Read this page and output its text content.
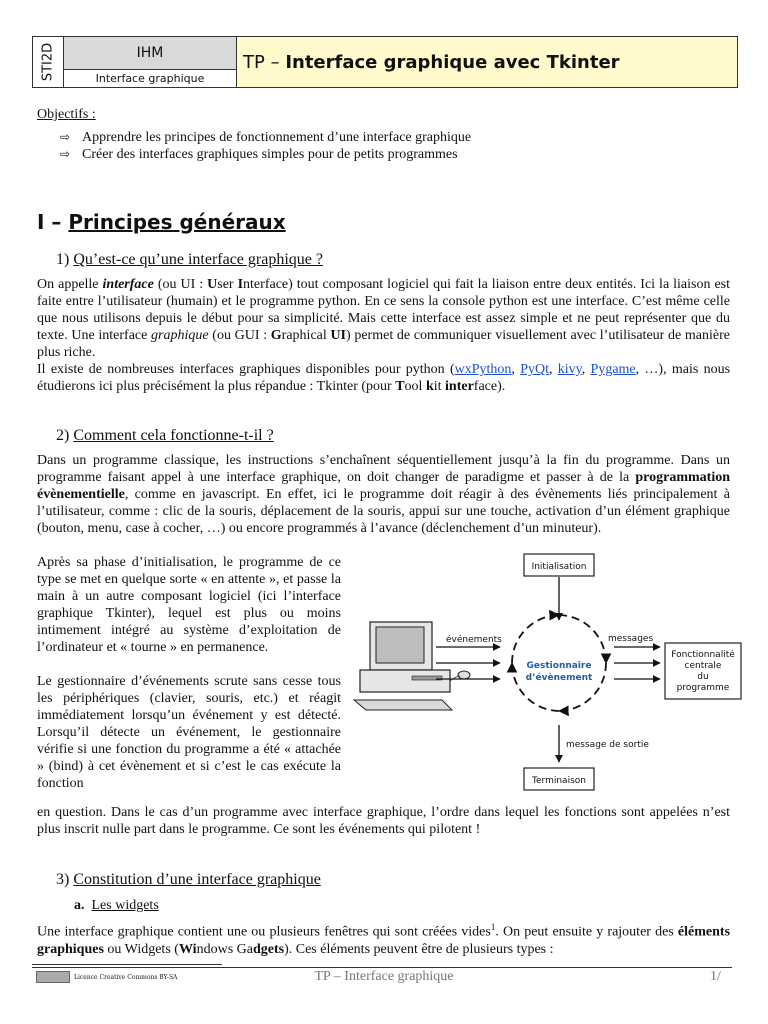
STI2D	IHM
Interface graphique
TP –
Interface graphique avec Tkinter
Objectifs :
⇨ Apprendre les principes de fonctionnement d’une interface graphique
⇨ Créer des interfaces graphiques simples pour de petits programmes
I – Principes généraux
1) Qu’est-ce qu’une interface graphique ?

On appelle interface (ou UI : User Interface) tout composant logiciel qui fait la liaison entre deux entités. Ici la liaison est faite entre l’utilisateur (humain) et le programme python. En ce sens la console python est une interface. C’est même celle que nous utilisons depuis le début pour sa simplicité. Mais cette interface est assez simple et ne peut représenter que du texte. Une interface graphique (ou GUI : Graphical UI) permet de communiquer visuellement avec l’utilisateur de manière plus riche.

Il existe de nombreuses interfaces graphiques disponibles pour python (wxPython, PyQt, kivy, Pygame, …), mais nous étudierons ici plus précisément la plus répandue : Tkinter (pour Tool kit interface).

2) Comment cela fonctionne-t-il ?

Dans un programme classique, les instructions s’enchaînent séquentiellement jusqu’à la fin du programme. Dans un programme faisant appel à une interface graphique, on doit changer de paradigme et passer à de la programmation évènementielle, comme en javascript. En effet, ici le programme doit réagir à des évènements liés principalement à l’utilisateur, comme : clic de la souris, déplacement de la souris, appui sur une touche, activation d’un élément graphique (bouton, menu, case à cocher, …) ou encore programmés à l’avance (déclenchement d’un minuteur).

Après sa phase d’initialisation, le programme de ce type se met en quelque sorte « en attente », et passe la main à un autre composant logiciel (ici l’interface graphique Tkinter), lequel est plus ou moins intimement intégré au système d’exploitation de l’ordinateur et « tourne » en permanence.

Le gestionnaire d’événements scrute sans cesse tous les périphériques (clavier, souris, etc.) et réagit immédiatement lorsqu’un événement y est détecté. Lorsqu’il détecte un événement, le gestionnaire vérifie si une fonction du programme a été « attachée » (bind) à cet évènement et si c’est le cas exécute la fonction

en question. Dans le cas d’un programme avec interface graphique, l’ordre dans lequel les fonctions sont appelées n’est plus inscrit nulle part dans le programme. Ce sont les événements qui pilotent !

Initialisation
événements
Gestionnaire
d’évènement
messages
Fonctionnalité
centrale
du
programme
message de sortie
Terminaison
3) Constitution d’une interface graphique
a. Les widgets

Une interface graphique contient une ou plusieurs fenêtres qui sont créées vides$^1$. On peut ensuite y rajouter des éléments graphiques ou Widgets (Windows Gadgets). Ces éléments peuvent être de plusieurs types :

Licence Creative Commons BY-SA	TP – Interface graphique	1/
